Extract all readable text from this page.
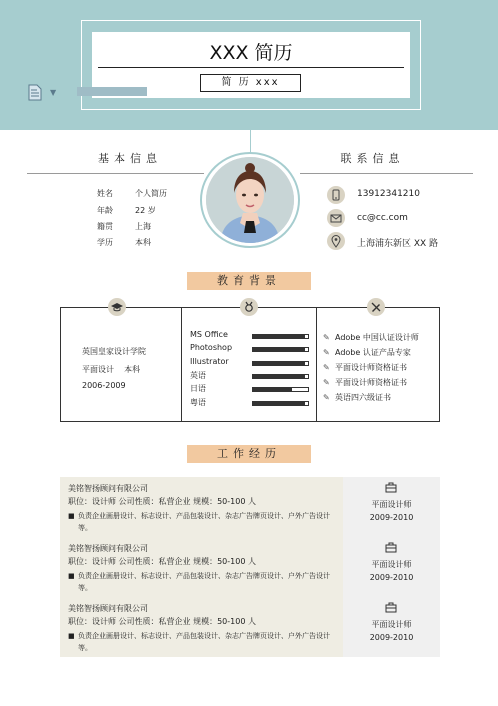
XXX 简历
简 历 xxx
▼
基本信息	联系信息
姓名	个人简历
年龄	22 岁
籍贯	上海
学历	本科
13912341210
cc@cc.com
上海浦东新区 XX 路
教育背景
英国皇家设计学院
平面设计 本科
2006-2009
MS Office
Photoshop
Illustrator
英语
日语
粤语
✎ Adobe 中国认证设计师
✎ Adobe 认证产品专家
✎ 平面设计师资格证书
✎ 平面设计师资格证书
✎ 英语四六级证书
工作经历
美铭智扬顾问有限公司
职位：设计师 公司性质：私营企业 规模：50-100 人
■ 负责企业画册设计、标志设计、产品包装设计、杂志广告牌页设计、户外广告设计等。
平面设计师
2009-2010
美铭智扬顾问有限公司
职位：设计师 公司性质：私营企业 规模：50-100 人
■ 负责企业画册设计、标志设计、产品包装设计、杂志广告牌页设计、户外广告设计等。
平面设计师
2009-2010
美铭智扬顾问有限公司
职位：设计师 公司性质：私营企业 规模：50-100 人
■ 负责企业画册设计、标志设计、产品包装设计、杂志广告牌页设计、户外广告设计等。
平面设计师
2009-2010
